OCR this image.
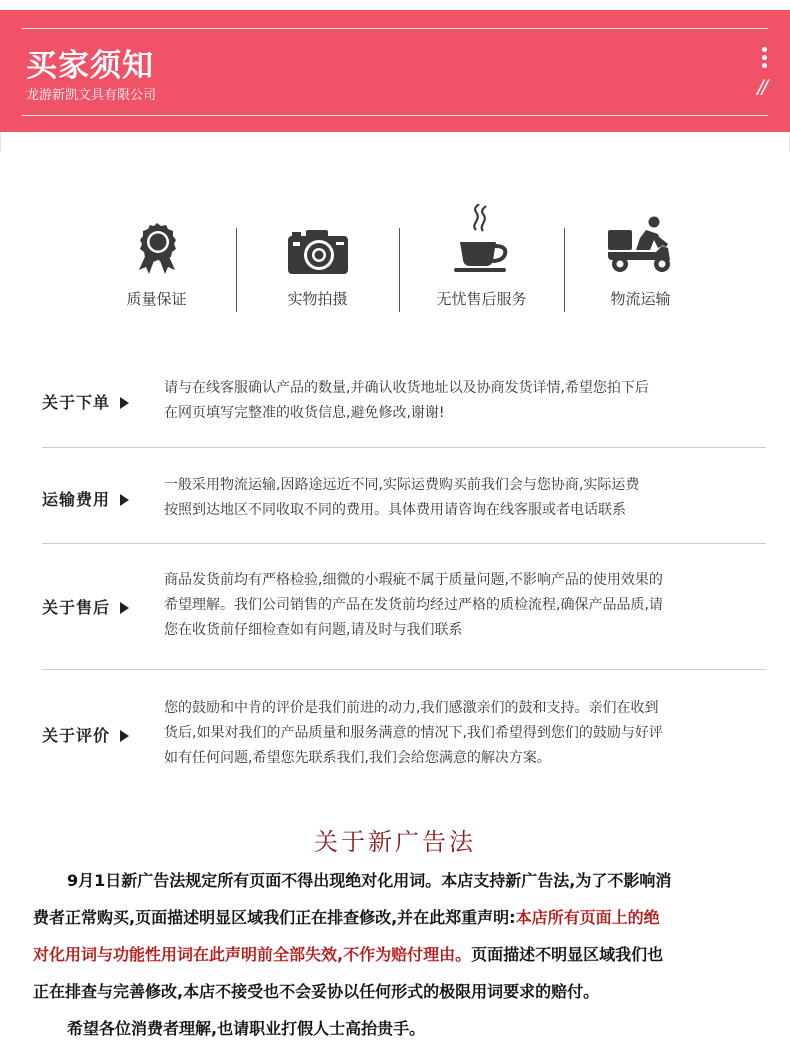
买家须知
龙游新凯文具有限公司	//
质量保证	实物拍摄	无忧售后服务	物流运输
关于下单
请与在线客服确认产品的数量,并确认收货地址以及协商发货详情,希望您拍下后
在网页填写完整准的收货信息,避免修改,谢谢!
运输费用
一般采用物流运输,因路途远近不同,实际运费购买前我们会与您协商,实际运费
按照到达地区不同收取不同的费用。具体费用请咨询在线客服或者电话联系
关于售后
商品发货前均有严格检验,细微的小瑕疵不属于质量问题,不影响产品的使用效果的
希望理解。我们公司销售的产品在发货前均经过严格的质检流程,确保产品品质,请
您在收货前仔细检查如有问题,请及时与我们联系
关于评价
您的鼓励和中肯的评价是我们前进的动力,我们感激亲们的鼓和支持。亲们在收到
货后,如果对我们的产品质量和服务满意的情况下,我们希望得到您们的鼓励与好评
如有任何问题,希望您先联系我们,我们会给您满意的解决方案。
关于新广告法
9月1日新广告法规定所有页面不得出现绝对化用词。本店支持新广告法,为了不影响消
费者正常购买,页面描述明显区域我们正在排查修改,并在此郑重声明:本店所有页面上的绝
对化用词与功能性用词在此声明前全部失效,不作为赔付理由。页面描述不明显区域我们也
正在排查与完善修改,本店不接受也不会妥协以任何形式的极限用词要求的赔付。
希望各位消费者理解,也请职业打假人士高抬贵手。
